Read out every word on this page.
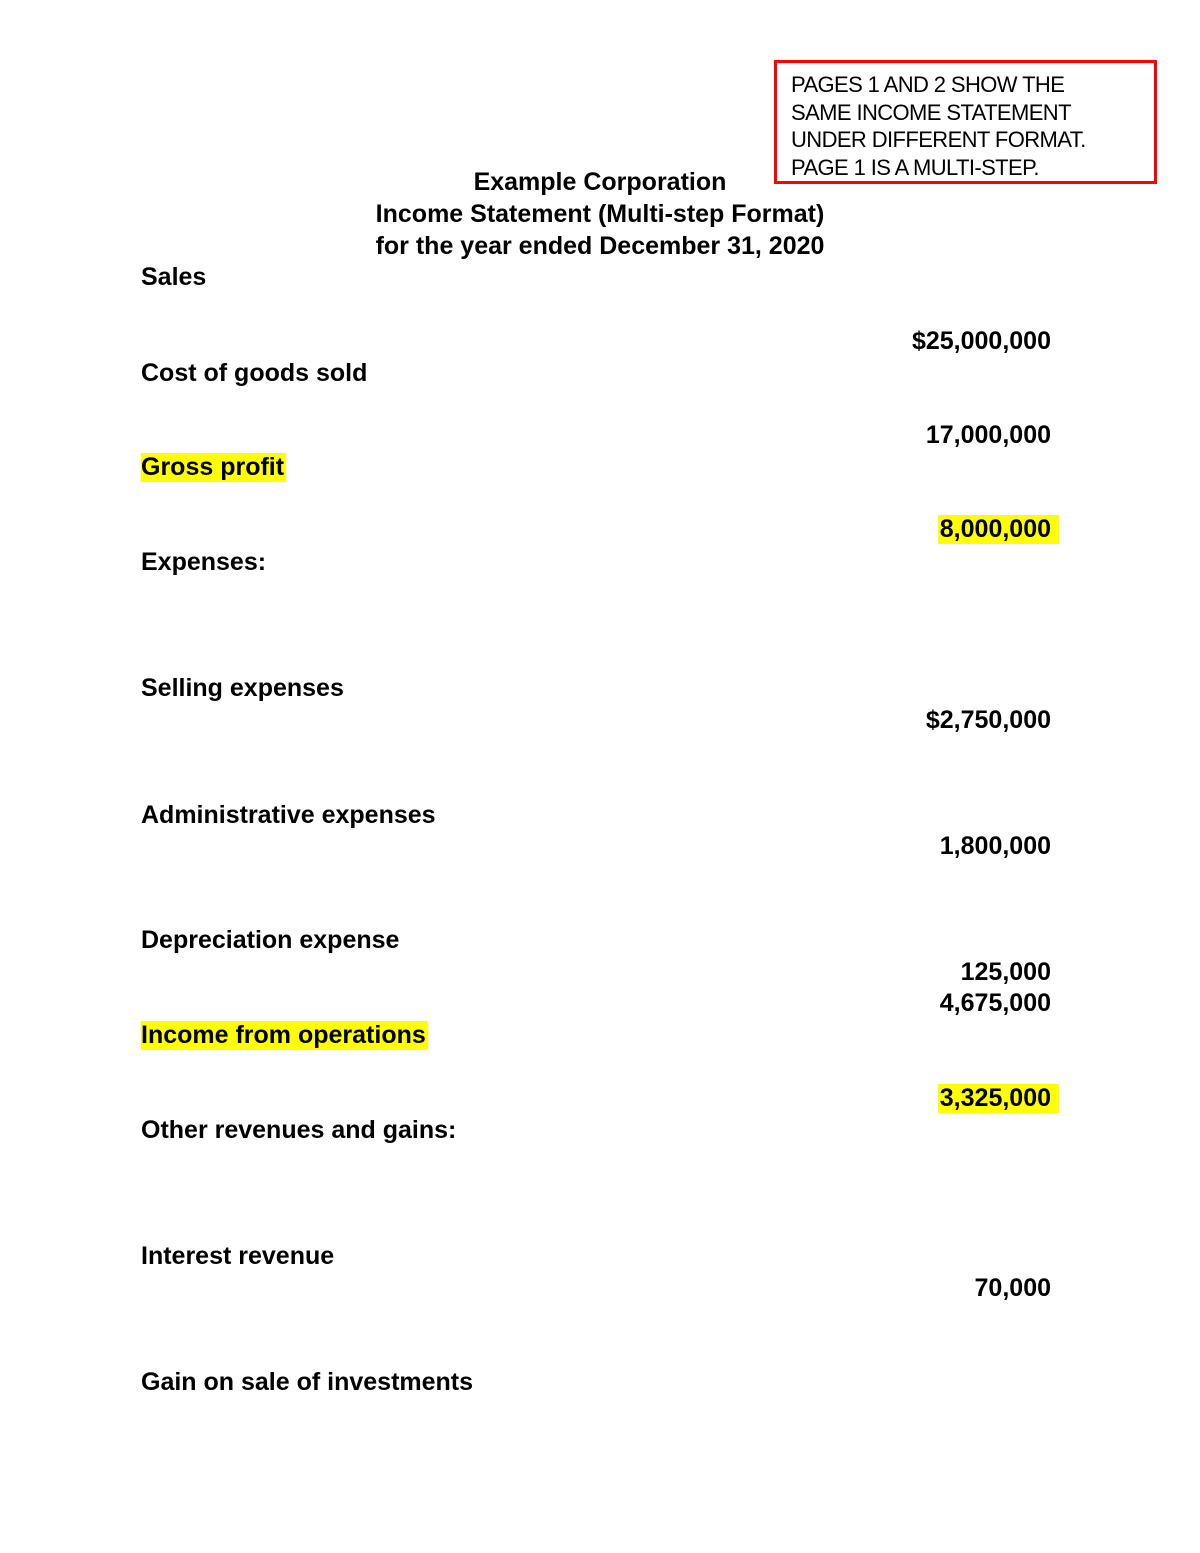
PAGES 1 AND 2 SHOW THE
SAME INCOME STATEMENT
UNDER DIFFERENT FORMAT.
PAGE 1 IS A MULTI-STEP.
Example Corporation
Income Statement (Multi-step Format)
for the year ended December 31, 2020
Sales
$25,000,000
Cost of goods sold
17,000,000
Gross profit
8,000,000
Expenses:
Selling expenses
$2,750,000
Administrative expenses
1,800,000
Depreciation expense
125,000
4,675,000
Income from operations
3,325,000
Other revenues and gains:
Interest revenue
70,000
Gain on sale of investments
